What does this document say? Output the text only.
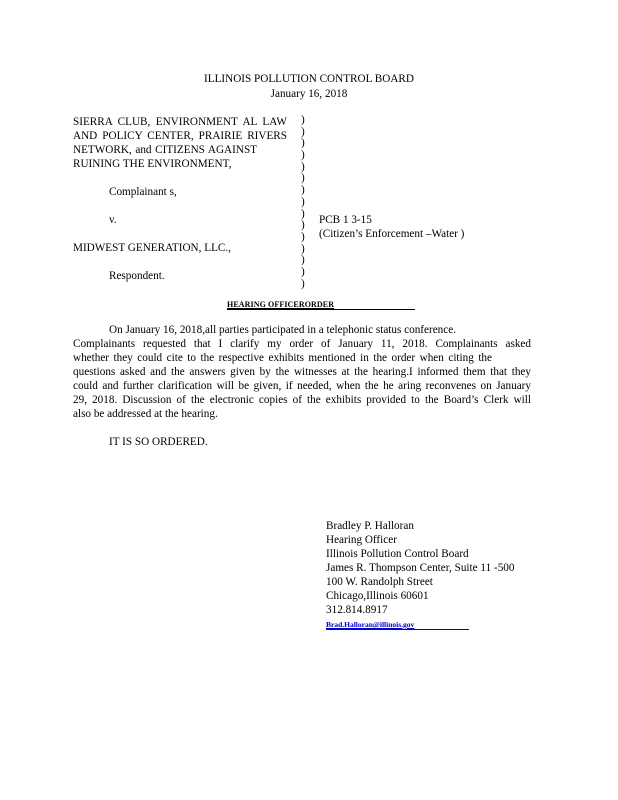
ILLINOIS POLLUTION CONTROL BOARD
January 16, 2018
SIERRA CLUB, ENVIRONMENT AL LAW
AND POLICY CENTER, PRAIRIE RIVERS
NETWORK, and CITIZENS AGAINST
RUINING THE ENVIRONMENT,
Complainant s,
v.
MIDWEST GENERATION, LLC.,
Respondent.
)
)
)
)
)
)
)
)
)
)
)
)
)
)
)
PCB 1 3-15
(Citizen’s Enforcement –Water )
HEARING OFFICERORDER
On January 16, 2018,all parties participated in a telephonic status conference.
Complainants requested that I clarify my order of January 11, 2018. Complainants asked
whether they could cite to the respective exhibits mentioned in the order when citing the
questions asked and the answers given by the witnesses at the hearing.I informed them that they
could and further clarification will be given, if needed, when the he aring reconvenes on January
29, 2018. Discussion of the electronic copies of the exhibits provided to the Board’s Clerk will
also be addressed at the hearing.
IT IS SO ORDERED.
Bradley P. Halloran
Hearing Officer
Illinois Pollution Control Board
James R. Thompson Center, Suite 11 -500
100 W. Randolph Street
Chicago,Illinois 60601
312.814.8917
Brad.Halloran@illinois.gov
